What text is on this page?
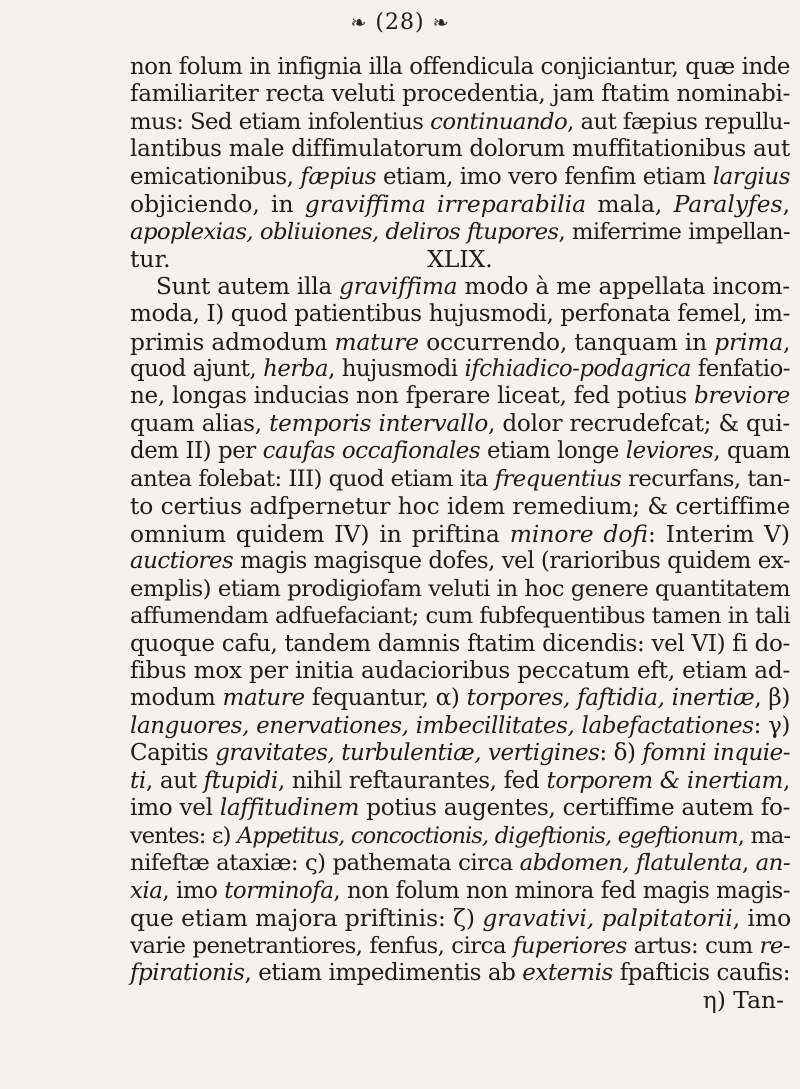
❧ (28) ❧
non folum in infignia illa offendicula conjiciantur, quæ inde
familiariter recta veluti procedentia, jam ftatim nominabi-
mus: Sed etiam infolentius continuando, aut fæpius repullu-
lantibus male diffimulatorum dolorum muffitationibus aut
emicationibus, fæpius etiam, imo vero fenfim etiam largius
objiciendo, in graviffima irreparabilia mala, Paralyfes,
apoplexias, obliuiones, deliros ftupores, miferrime impellan-
tur.	XLIX.
Sunt autem illa graviffima modo à me appellata incom-
moda, I) quod patientibus hujusmodi, perfonata femel, im-
primis admodum mature occurrendo, tanquam in prima,
quod ajunt, herba, hujusmodi ifchiadico-podagrica fenfatio-
ne, longas inducias non fperare liceat, fed potius breviore
quam alias, temporis intervallo, dolor recrudefcat; & qui-
dem II) per caufas occafionales etiam longe leviores, quam
antea folebat: III) quod etiam ita frequentius recurfans, tan-
to certius adfpernetur hoc idem remedium; & certiffime
omnium quidem IV) in priftina minore dofi: Interim V)
auctiores magis magisque dofes, vel (rarioribus quidem ex-
emplis) etiam prodigiofam veluti in hoc genere quantitatem
affumendam adfuefaciant; cum fubfequentibus tamen in tali
quoque cafu, tandem damnis ftatim dicendis: vel VI) fi do-
fibus mox per initia audacioribus peccatum eft, etiam ad-
modum mature fequantur, α) torpores, faftidia, inertiæ, β)
languores, enervationes, imbecillitates, labefactationes: γ)
Capitis gravitates, turbulentiæ, vertigines: δ) fomni inquie-
ti, aut ftupidi, nihil reftaurantes, fed torporem & inertiam,
imo vel laffitudinem potius augentes, certiffime autem fo-
ventes: ε) Appetitus, concoctionis, digeftionis, egeftionum, ma-
nifeftæ ataxiæ: ς) pathemata circa abdomen, flatulenta, an-
xia, imo torminofa, non folum non minora fed magis magis-
que etiam majora priftinis: ζ) gravativi, palpitatorii, imo
varie penetrantiores, fenfus, circa fuperiores artus: cum re-
fpirationis, etiam impedimentis ab externis fpafticis caufis:
η) Tan-
